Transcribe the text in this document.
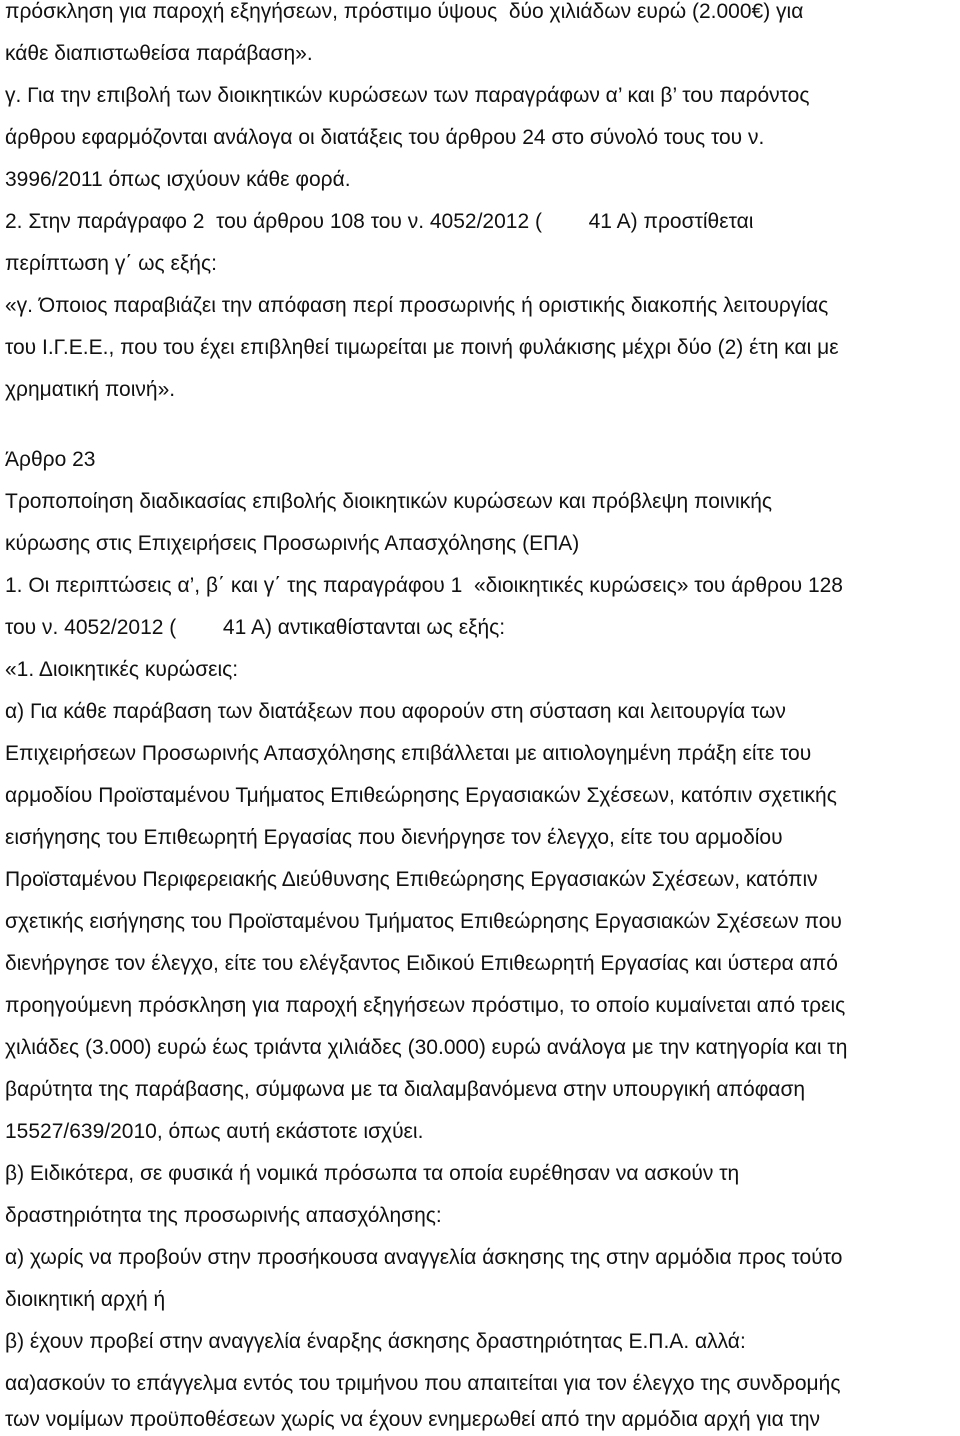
πρόσκληση για παροχή εξηγήσεων, πρόστιμο ύψους  δύο χιλιάδων ευρώ (2.000€) για
κάθε διαπιστωθείσα παράβαση».
γ. Για την επιβολή των διοικητικών κυρώσεων των παραγράφων α’ και β’ του παρόντος
άρθρου εφαρμόζονται ανάλογα οι διατάξεις του άρθρου 24 στο σύνολό τους του ν.
3996/2011 όπως ισχύουν κάθε φορά.
2. Στην παράγραφο 2  του άρθρου 108 του ν. 4052/2012 (        41 Α) προστίθεται
περίπτωση γ΄ ως εξής:
«γ. Όποιος παραβιάζει την απόφαση περί προσωρινής ή οριστικής διακοπής λειτουργίας
του Ι.Γ.Ε.Ε., που του έχει επιβληθεί τιμωρείται με ποινή φυλάκισης μέχρι δύο (2) έτη και με
χρηματική ποινή».
Άρθρο 23
Τροποποίηση διαδικασίας επιβολής διοικητικών κυρώσεων και πρόβλεψη ποινικής
κύρωσης στις Επιχειρήσεις Προσωρινής Απασχόλησης (ΕΠΑ)
1. Οι περιπτώσεις α’, β΄ και γ΄ της παραγράφου 1  «διοικητικές κυρώσεις» του άρθρου 128
του ν. 4052/2012 (        41 Α) αντικαθίστανται ως εξής:
«1. Διοικητικές κυρώσεις:
α) Για κάθε παράβαση των διατάξεων που αφορούν στη σύσταση και λειτουργία των
Επιχειρήσεων Προσωρινής Απασχόλησης επιβάλλεται με αιτιολογημένη πράξη είτε του
αρμοδίου Προϊσταμένου Τμήματος Επιθεώρησης Εργασιακών Σχέσεων, κατόπιν σχετικής
εισήγησης του Επιθεωρητή Εργασίας που διενήργησε τον έλεγχο, είτε του αρμοδίου
Προϊσταμένου Περιφερειακής Διεύθυνσης Επιθεώρησης Εργασιακών Σχέσεων, κατόπιν
σχετικής εισήγησης του Προϊσταμένου Τμήματος Επιθεώρησης Εργασιακών Σχέσεων που
διενήργησε τον έλεγχο, είτε του ελέγξαντος Ειδικού Επιθεωρητή Εργασίας και ύστερα από
προηγούμενη πρόσκληση για παροχή εξηγήσεων πρόστιμο, το οποίο κυμαίνεται από τρεις
χιλιάδες (3.000) ευρώ έως τριάντα χιλιάδες (30.000) ευρώ ανάλογα με την κατηγορία και τη
βαρύτητα της παράβασης, σύμφωνα με τα διαλαμβανόμενα στην υπουργική απόφαση
15527/639/2010, όπως αυτή εκάστοτε ισχύει.
β) Ειδικότερα, σε φυσικά ή νομικά πρόσωπα τα οποία ευρέθησαν να ασκούν τη
δραστηριότητα της προσωρινής απασχόλησης:
α) χωρίς να προβούν στην προσήκουσα αναγγελία άσκησης της στην αρμόδια προς τούτο
διοικητική αρχή ή
β) έχουν προβεί στην αναγγελία έναρξης άσκησης δραστηριότητας Ε.Π.Α. αλλά:
αα)ασκούν το επάγγελμα εντός του τριμήνου που απαιτείται για τον έλεγχο της συνδρομής
των νομίμων προϋποθέσεων χωρίς να έχουν ενημερωθεί από την αρμόδια αρχή για την
